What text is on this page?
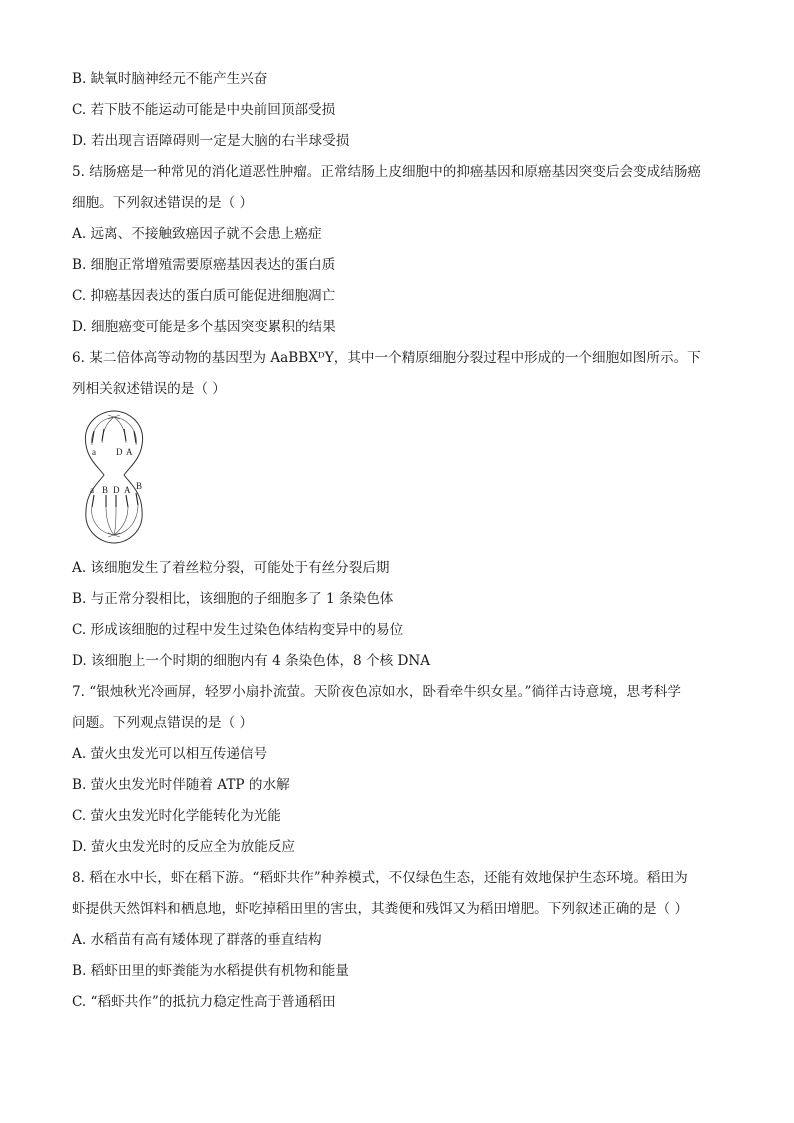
B. 缺氧时脑神经元不能产生兴奋
C. 若下肢不能运动可能是中央前回顶部受损
D. 若出现言语障碍则一定是大脑的右半球受损
5. 结肠癌是一种常见的消化道恶性肿瘤。正常结肠上皮细胞中的抑癌基因和原癌基因突变后会变成结肠癌
细胞。下列叙述错误的是（ ）
A. 远离、不接触致癌因子就不会患上癌症
B. 细胞正常增殖需要原癌基因表达的蛋白质
C. 抑癌基因表达的蛋白质可能促进细胞凋亡
D. 细胞癌变可能是多个基因突变累积的结果
6. 某二倍体高等动物的基因型为 AaBBXᴰY，其中一个精原细胞分裂过程中形成的一个细胞如图所示。下
列相关叙述错误的是（ ）
a D A
a B D A B
A. 该细胞发生了着丝粒分裂，可能处于有丝分裂后期
B. 与正常分裂相比，该细胞的子细胞多了 1 条染色体
C. 形成该细胞的过程中发生过染色体结构变异中的易位
D. 该细胞上一个时期的细胞内有 4 条染色体，8 个核 DNA
7. “银烛秋光冷画屏，轻罗小扇扑流萤。天阶夜色凉如水，卧看牵牛织女星。”徜徉古诗意境，思考科学
问题。下列观点错误的是（ ）
A. 萤火虫发光可以相互传递信号
B. 萤火虫发光时伴随着 ATP 的水解
C. 萤火虫发光时化学能转化为光能
D. 萤火虫发光时的反应全为放能反应
8. 稻在水中长，虾在稻下游。“稻虾共作”种养模式，不仅绿色生态，还能有效地保护生态环境。稻田为
虾提供天然饵料和栖息地，虾吃掉稻田里的害虫，其粪便和残饵又为稻田增肥。下列叙述正确的是（ ）
A. 水稻苗有高有矮体现了群落的垂直结构
B. 稻虾田里的虾粪能为水稻提供有机物和能量
C. “稻虾共作”的抵抗力稳定性高于普通稻田
